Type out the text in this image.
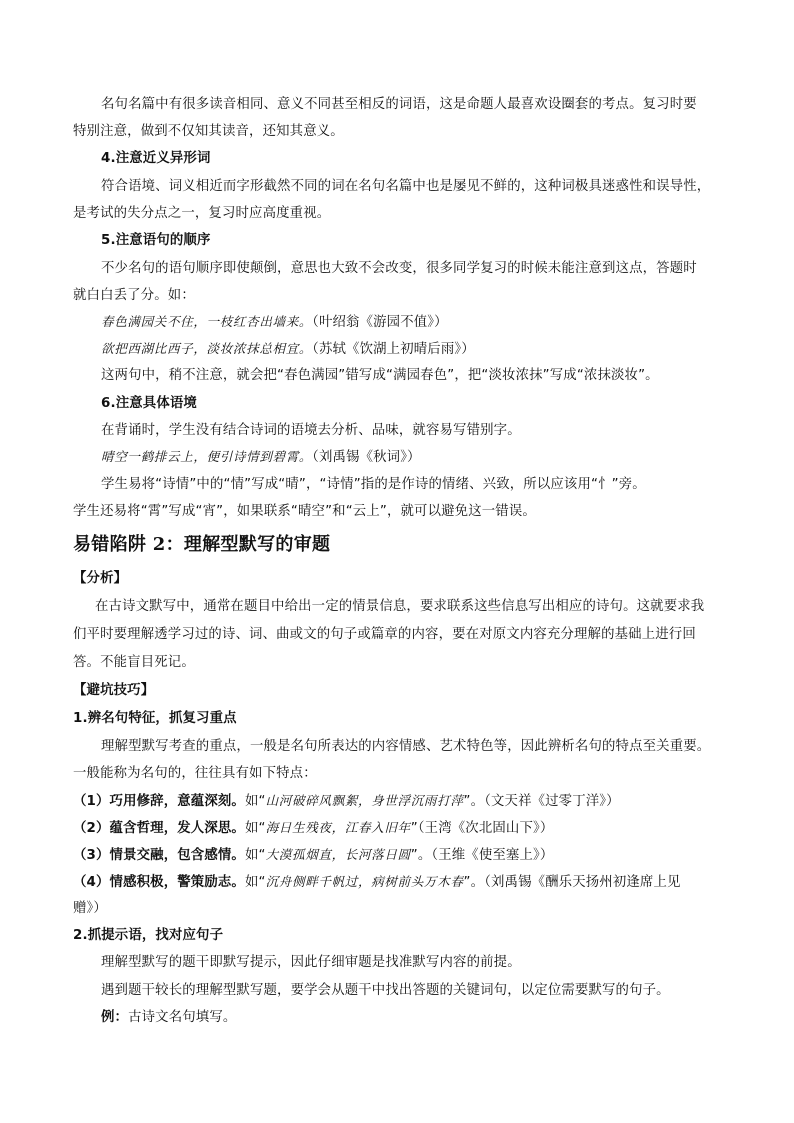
名句名篇中有很多读音相同、意义不同甚至相反的词语，这是命题人最喜欢设圈套的考点。复习时要
特别注意，做到不仅知其读音，还知其意义。
4.注意近义异形词
符合语境、词义相近而字形截然不同的词在名句名篇中也是屡见不鲜的，这种词极具迷惑性和误导性，
是考试的失分点之一，复习时应高度重视。
5.注意语句的顺序
不少名句的语句顺序即使颠倒，意思也大致不会改变，很多同学复习的时候未能注意到这点，答题时
就白白丢了分。如：
春色满园关不住，一枝红杏出墙来。（叶绍翁《游园不值》）
欲把西湖比西子，淡妆浓抹总相宜。（苏轼《饮湖上初晴后雨》）
这两句中，稍不注意，就会把“春色满园”错写成“满园春色”，把“淡妆浓抹”写成“浓抹淡妆”。
6.注意具体语境
在背诵时，学生没有结合诗词的语境去分析、品味，就容易写错别字。
晴空一鹤排云上，便引诗情到碧霄。（刘禹锡《秋词》）
学生易将“诗情”中的“情”写成“晴”，“诗情”指的是作诗的情绪、兴致，所以应该用“忄”旁。
学生还易将“霄”写成“宵”，如果联系“晴空”和“云上”，就可以避免这一错误。
易错陷阱 2：理解型默写的审题
【分析】
在古诗文默写中，通常在题目中给出一定的情景信息，要求联系这些信息写出相应的诗句。这就要求我
们平时要理解透学习过的诗、词、曲或文的句子或篇章的内容，要在对原文内容充分理解的基础上进行回
答。不能盲目死记。
【避坑技巧】
1.辨名句特征，抓复习重点
理解型默写考查的重点，一般是名句所表达的内容情感、艺术特色等，因此辨析名句的特点至关重要。
一般能称为名句的，往往具有如下特点：
（1）巧用修辞，意蕴深刻。如“山河破碎风飘絮，身世浮沉雨打萍”。（文天祥《过零丁洋》）
（2）蕴含哲理，发人深思。如“海日生残夜，江春入旧年”（王湾《次北固山下》）
（3）情景交融，包含感情。如“大漠孤烟直，长河落日圆”。（王维《使至塞上》）
（4）情感积极，警策励志。如“沉舟侧畔千帆过，病树前头万木春”。（刘禹锡《酬乐天扬州初逢席上见
赠》）
2.抓提示语，找对应句子
理解型默写的题干即默写提示，因此仔细审题是找准默写内容的前提。
遇到题干较长的理解型默写题，要学会从题干中找出答题的关键词句，以定位需要默写的句子。
例：古诗文名句填写。
